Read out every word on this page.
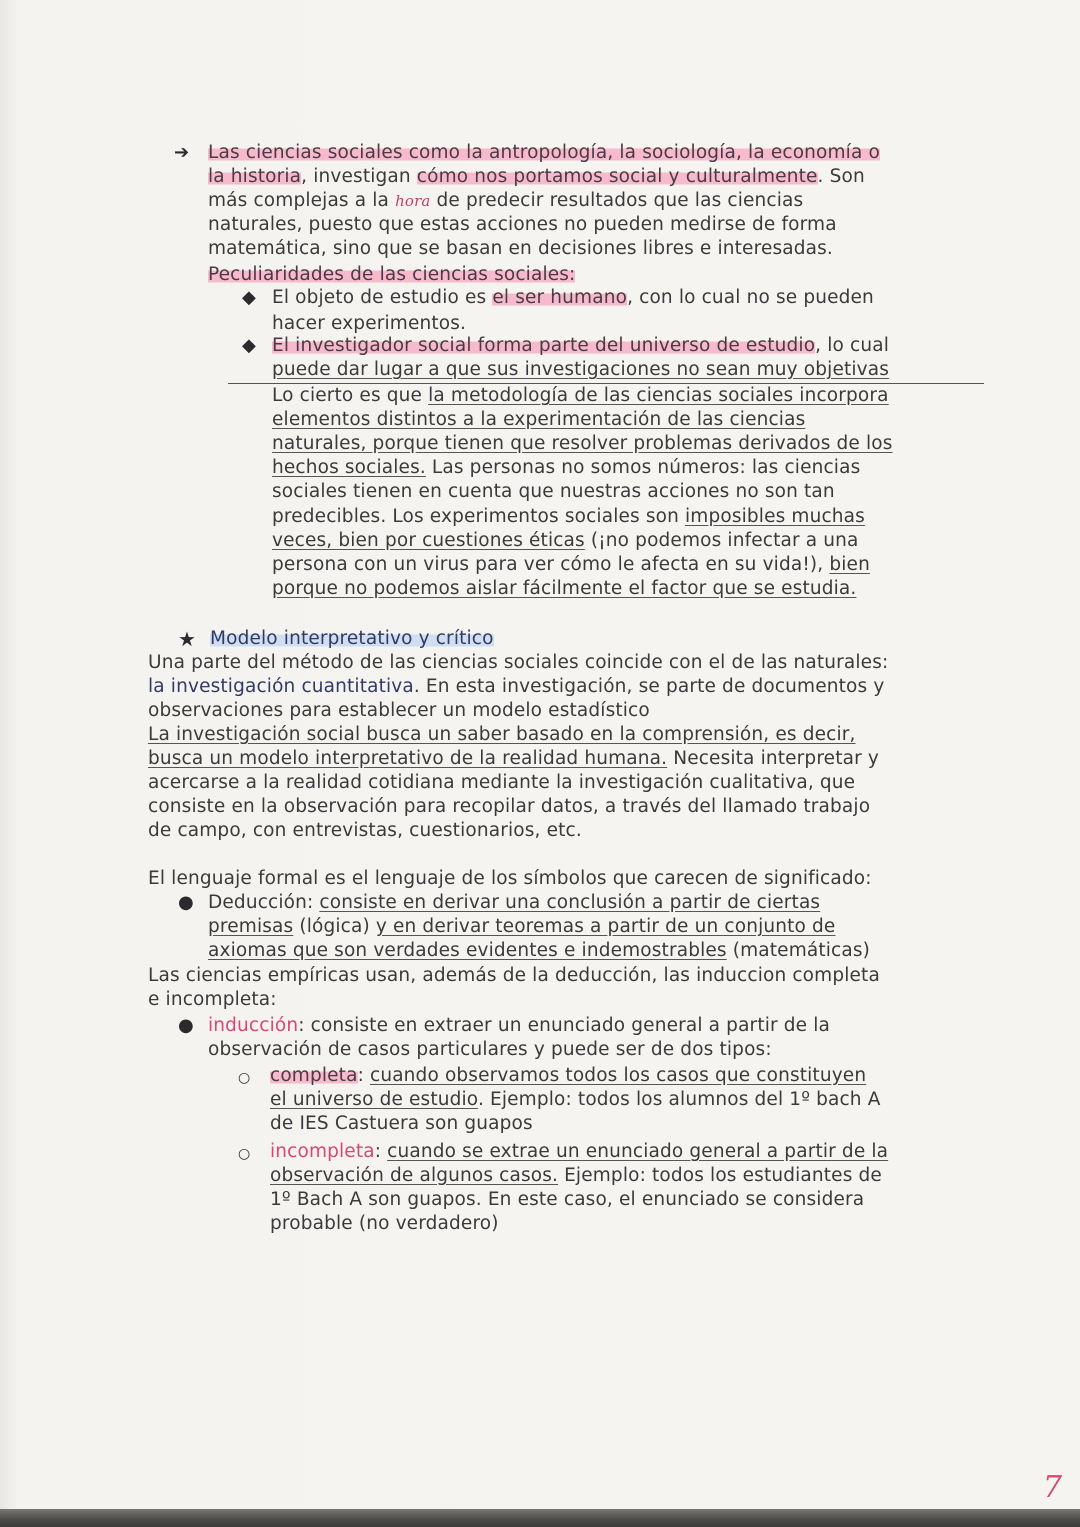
➔ Las ciencias sociales como la antropología, la sociología, la economía o
la historia, investigan cómo nos portamos social y culturalmente. Son
más complejas a la hora de predecir resultados que las ciencias
naturales, puesto que estas acciones no pueden medirse de forma
matemática, sino que se basan en decisiones libres e interesadas.
Peculiaridades de las ciencias sociales:
◆ El objeto de estudio es el ser humano, con lo cual no se pueden
hacer experimentos.
◆ El investigador social forma parte del universo de estudio, lo cual
puede dar lugar a que sus investigaciones no sean muy objetivas
Lo cierto es que la metodología de las ciencias sociales incorpora
elementos distintos a la experimentación de las ciencias
naturales, porque tienen que resolver problemas derivados de los
hechos sociales. Las personas no somos números: las ciencias
sociales tienen en cuenta que nuestras acciones no son tan
predecibles. Los experimentos sociales son imposibles muchas
veces, bien por cuestiones éticas (¡no podemos infectar a una
persona con un virus para ver cómo le afecta en su vida!), bien
porque no podemos aislar fácilmente el factor que se estudia.
★ Modelo interpretativo y crítico
Una parte del método de las ciencias sociales coincide con el de las naturales:
la investigación cuantitativa. En esta investigación, se parte de documentos y
observaciones para establecer un modelo estadístico
La investigación social busca un saber basado en la comprensión, es decir,
busca un modelo interpretativo de la realidad humana. Necesita interpretar y
acercarse a la realidad cotidiana mediante la investigación cualitativa, que
consiste en la observación para recopilar datos, a través del llamado trabajo
de campo, con entrevistas, cuestionarios, etc.
El lenguaje formal es el lenguaje de los símbolos que carecen de significado:
● Deducción: consiste en derivar una conclusión a partir de ciertas
premisas (lógica) y en derivar teoremas a partir de un conjunto de
axiomas que son verdades evidentes e indemostrables (matemáticas)
Las ciencias empíricas usan, además de la deducción, las induccion completa
e incompleta:
● inducción: consiste en extraer un enunciado general a partir de la
observación de casos particulares y puede ser de dos tipos:
○ completa: cuando observamos todos los casos que constituyen
el universo de estudio. Ejemplo: todos los alumnos del 1º bach A
de IES Castuera son guapos
○ incompleta: cuando se extrae un enunciado general a partir de la
observación de algunos casos. Ejemplo: todos los estudiantes de
1º Bach A son guapos. En este caso, el enunciado se considera
probable (no verdadero)
7
